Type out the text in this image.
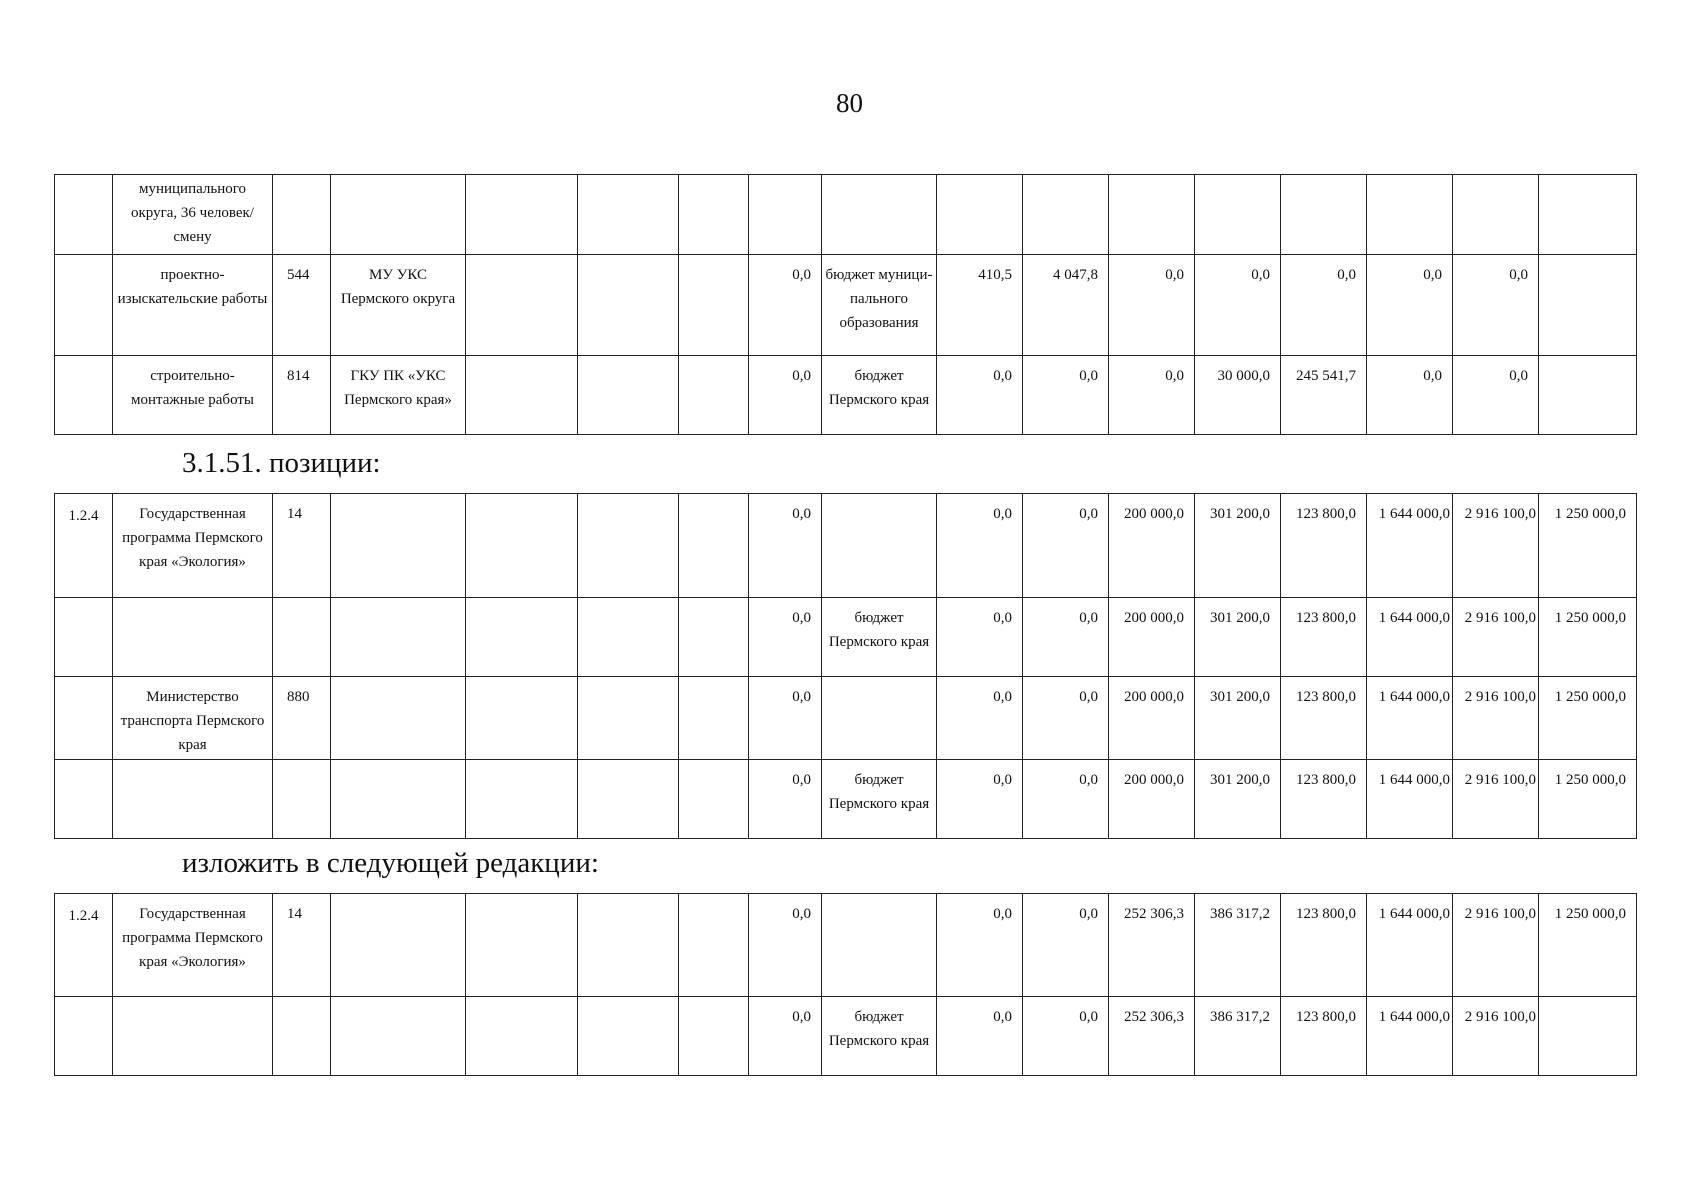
80
	муниципального округа, 36 человек/смену															
	проектно-изыскательские работы	544	МУ УКС Пермского округа				0,0	бюджет муници-пального образования	410,5	4 047,8	0,0	0,0	0,0	0,0	0,0	
	строительно-монтажные работы	814	ГКУ ПК «УКС Пермского края»				0,0	бюджет Пермского края	0,0	0,0	0,0	30 000,0	245 541,7	0,0	0,0	
3.1.51. позиции:
1.2.4	Государственная программа Пермского края «Экология»	14					0,0		0,0	0,0	200 000,0	301 200,0	123 800,0	1 644 000,0	2 916 100,0	1 250 000,0
							0,0	бюджет Пермского края	0,0	0,0	200 000,0	301 200,0	123 800,0	1 644 000,0	2 916 100,0	1 250 000,0
	Министерство транспорта Пермского края	880					0,0		0,0	0,0	200 000,0	301 200,0	123 800,0	1 644 000,0	2 916 100,0	1 250 000,0
							0,0	бюджет Пермского края	0,0	0,0	200 000,0	301 200,0	123 800,0	1 644 000,0	2 916 100,0	1 250 000,0
изложить в следующей редакции:
1.2.4	Государственная программа Пермского края «Экология»	14					0,0		0,0	0,0	252 306,3	386 317,2	123 800,0	1 644 000,0	2 916 100,0	1 250 000,0
							0,0	бюджет Пермского края	0,0	0,0	252 306,3	386 317,2	123 800,0	1 644 000,0	2 916 100,0	
